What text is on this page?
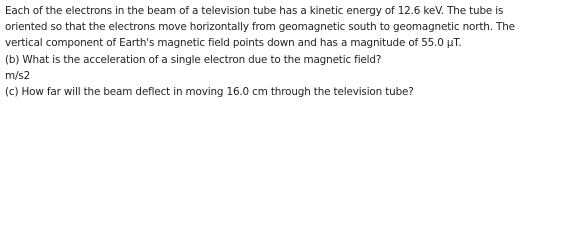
Each of the electrons in the beam of a television tube has a kinetic energy of 12.6 keV. The tube is
oriented so that the electrons move horizontally from geomagnetic south to geomagnetic north. The
vertical component of Earth's magnetic field points down and has a magnitude of 55.0 µT.
(b) What is the acceleration of a single electron due to the magnetic field?
m/s2
(c) How far will the beam deflect in moving 16.0 cm through the television tube?
